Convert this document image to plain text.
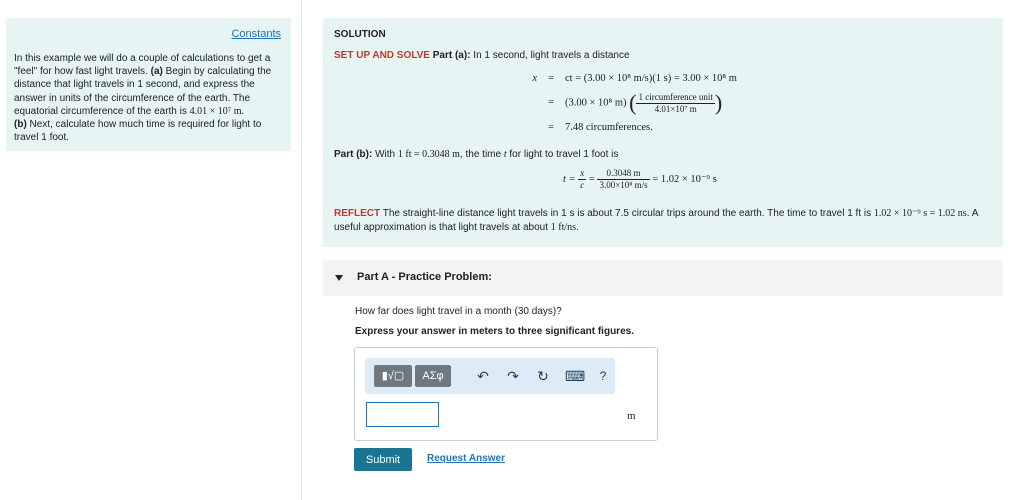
Constants
In this example we will do a couple of calculations to get a "feel" for how fast light travels. (a) Begin by calculating the distance that light travels in 1 second, and express the answer in units of the circumference of the earth. The equatorial circumference of the earth is 4.01 × 10⁷ m.
(b) Next, calculate how much time is required for light to travel 1 foot.
SOLUTION
SET UP AND SOLVE Part (a): In 1 second, light travels a distance
x = ct = (3.00 × 10⁸ m/s)(1 s) = 3.00 × 10⁸ m
= (3.00 × 10⁸ m) ( $\frac{\text{1 circumference unit}}{\text{4.01×10⁷ m}}$ )
= 7.48 circumferences.
Part (b): With 1 ft = 0.3048 m, the time t for light to travel 1 foot is
$t = \frac{x}{c} = \frac{0.3048 m}{\text{3.00×10⁸ m/s}} = 1.02 \times 10^{-9}$ s
REFLECT The straight-line distance light travels in 1 s is about 7.5 circular trips around the earth. The time to travel 1 ft is 1.02 × 10⁻⁹ s = 1.02 ns. A useful approximation is that light travels at about 1 ft/ns.
Part A - Practice Problem:
How far does light travel in a month (30 days)?
Express your answer in meters to three significant figures.
▮√▢	ΑΣφ	↶ ↷ ↻ ⌨	?
m
Submit	Request Answer
